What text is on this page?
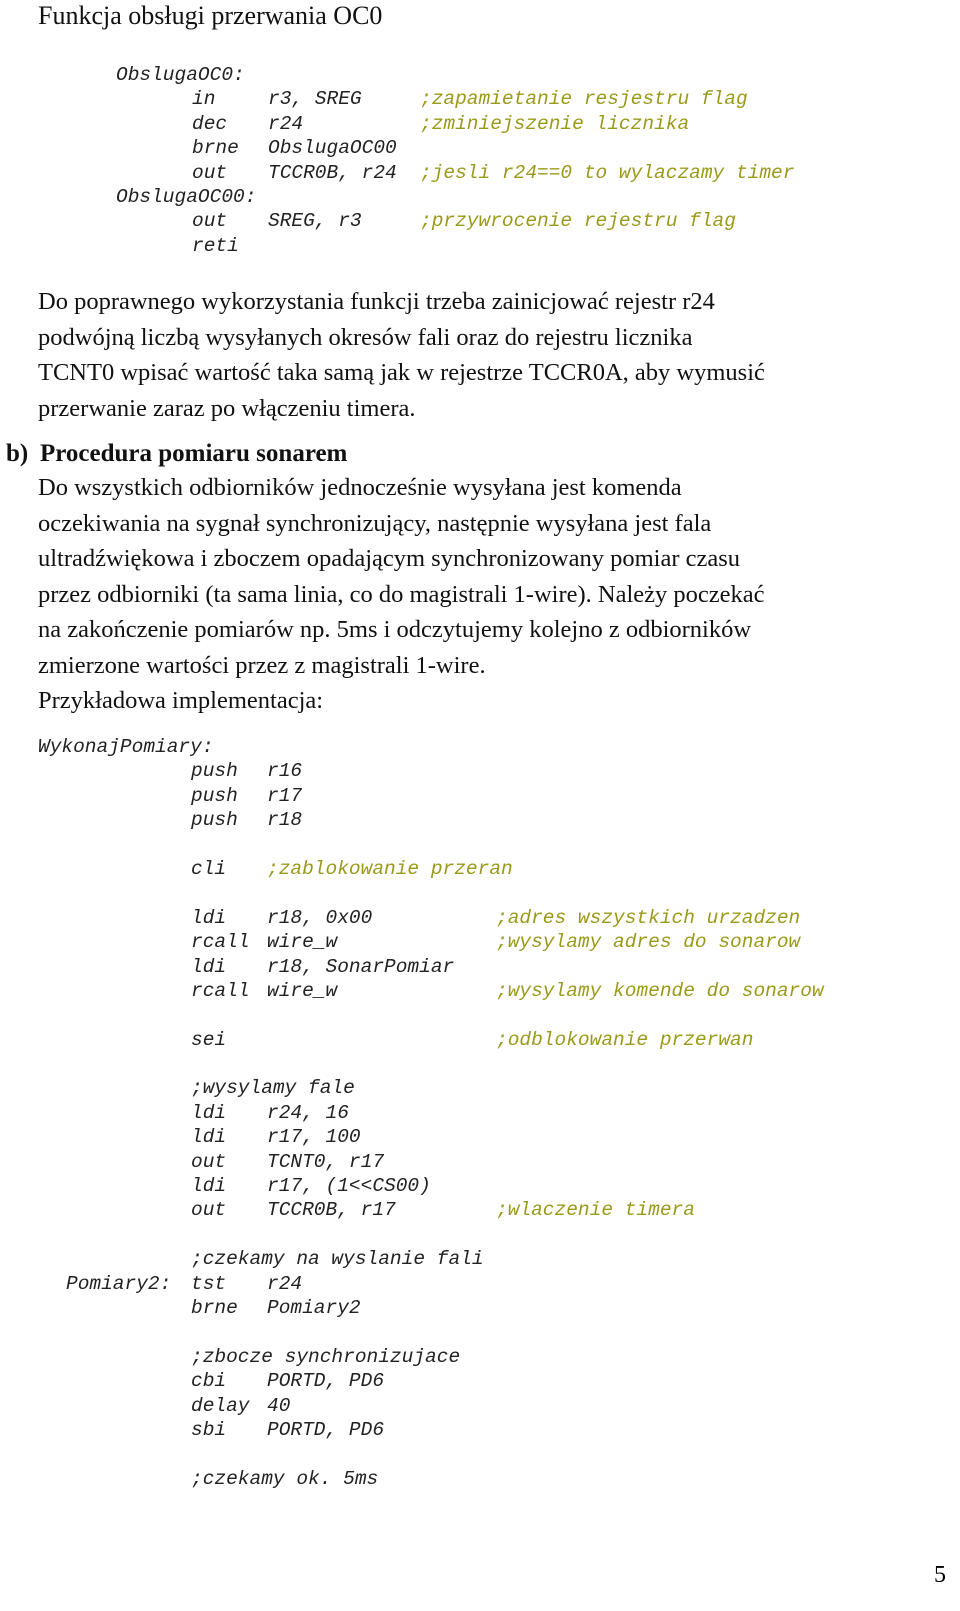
Funkcja obsługi przerwania OC0
ObslugaOC0:
in	r3, SREG	;zapamietanie resjestru flag
dec r24	;zminiejszenie licznika
brne ObslugaOC00
out TCCR0B, r24 ;jesli r24==0 to wylaczamy timer
ObslugaOC00:
out SREG, r3	;przywrocenie rejestru flag
reti
Do poprawnego wykorzystania funkcji trzeba zainicjować rejestr r24
podwójną liczbą wysyłanych okresów fali oraz do rejestru licznika
TCNT0 wpisać wartość taka samą jak w rejestrze TCCR0A, aby wymusić
przerwanie zaraz po włączeniu timera.
b) Procedura pomiaru sonarem
Do wszystkich odbiorników jednocześnie wysyłana jest komenda
oczekiwania na sygnał synchronizujący, następnie wysyłana jest fala
ultradźwiękowa i zboczem opadającym synchronizowany pomiar czasu
przez odbiorniki (ta sama linia, co do magistrali 1-wire). Należy poczekać
na zakończenie pomiarów np. 5ms i odczytujemy kolejno z odbiorników
zmierzone wartości przez z magistrali 1-wire.
Przykładowa implementacja:
WykonajPomiary:
push r16
push r17
push r18
cli ;zablokowanie przeran
ldi r18, 0x00	;adres wszystkich urzadzen
rcall wire_w	;wysylamy adres do sonarow
ldi r18, SonarPomiar
rcall wire_w	;wysylamy komende do sonarow
sei	;odblokowanie przerwan
;wysylamy fale
ldi r24, 16
ldi r17, 100
out TCNT0, r17
ldi r17, (1<<CS00)
out TCCR0B, r17	;wlaczenie timera
;czekamy na wyslanie fali
Pomiary2: tst r24
brne Pomiary2
;zbocze synchronizujace
cbi PORTD, PD6
delay 40
sbi PORTD, PD6
;czekamy ok. 5ms
5
